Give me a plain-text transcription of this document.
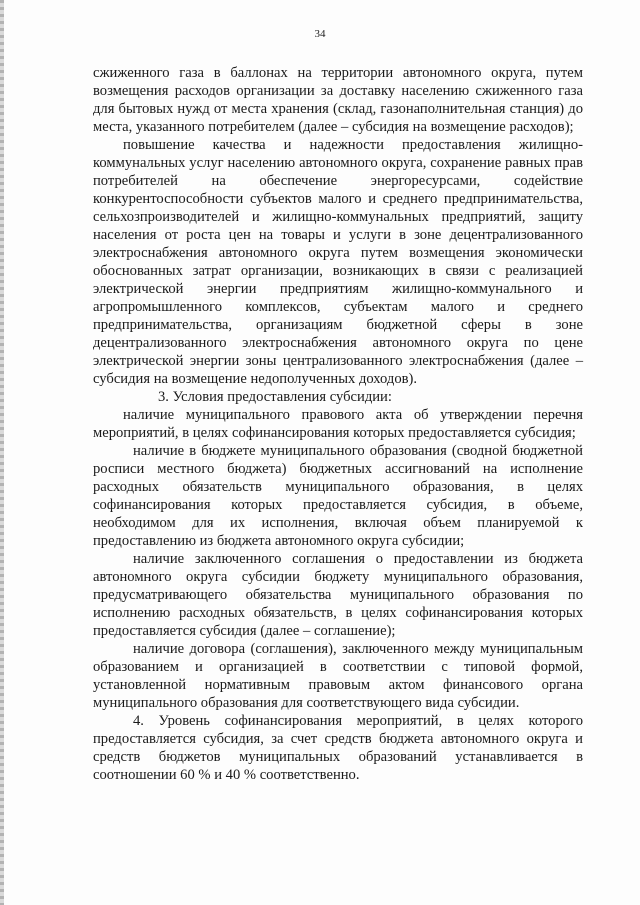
34

сжиженного газа в баллонах на территории автономного округа, путем возмещения расходов организации за доставку населению сжиженного газа для бытовых нужд от места хранения (склад, газонаполнительная станция) до места, указанного потребителем (далее – субсидия на возмещение расходов);

повышение качества и надежности предоставления жилищно-коммунальных услуг населению автономного округа, сохранение равных прав потребителей на обеспечение энергоресурсами, содействие конкурентоспособности субъектов малого и среднего предпринимательства, сельхозпроизводителей и жилищно-коммунальных предприятий, защиту населения от роста цен на товары и услуги в зоне децентрализованного электроснабжения автономного округа путем возмещения экономически обоснованных затрат организации, возникающих в связи с реализацией электрической энергии предприятиям жилищно-коммунального и агропромышленного комплексов, субъектам малого и среднего предпринимательства, организациям бюджетной сферы в зоне децентрализованного электроснабжения автономного округа по цене электрической энергии зоны централизованного электроснабжения (далее – субсидия на возмещение недополученных доходов).

3. Условия предоставления субсидии:

наличие муниципального правового акта об утверждении перечня мероприятий, в целях софинансирования которых предоставляется субсидия;

наличие в бюджете муниципального образования (сводной бюджетной росписи местного бюджета) бюджетных ассигнований на исполнение расходных обязательств муниципального образования, в целях софинансирования которых предоставляется субсидия, в объеме, необходимом для их исполнения, включая объем планируемой к предоставлению из бюджета автономного округа субсидии;

наличие заключенного соглашения о предоставлении из бюджета автономного округа субсидии бюджету муниципального образования, предусматривающего обязательства муниципального образования по исполнению расходных обязательств, в целях софинансирования которых предоставляется субсидия (далее – соглашение);

наличие договора (соглашения), заключенного между муниципальным образованием и организацией в соответствии с типовой формой, установленной нормативным правовым актом финансового органа муниципального образования для соответствующего вида субсидии.

4. Уровень софинансирования мероприятий, в целях которого предоставляется субсидия, за счет средств бюджета автономного округа и средств бюджетов муниципальных образований устанавливается в соотношении 60 % и 40 % соответственно.
